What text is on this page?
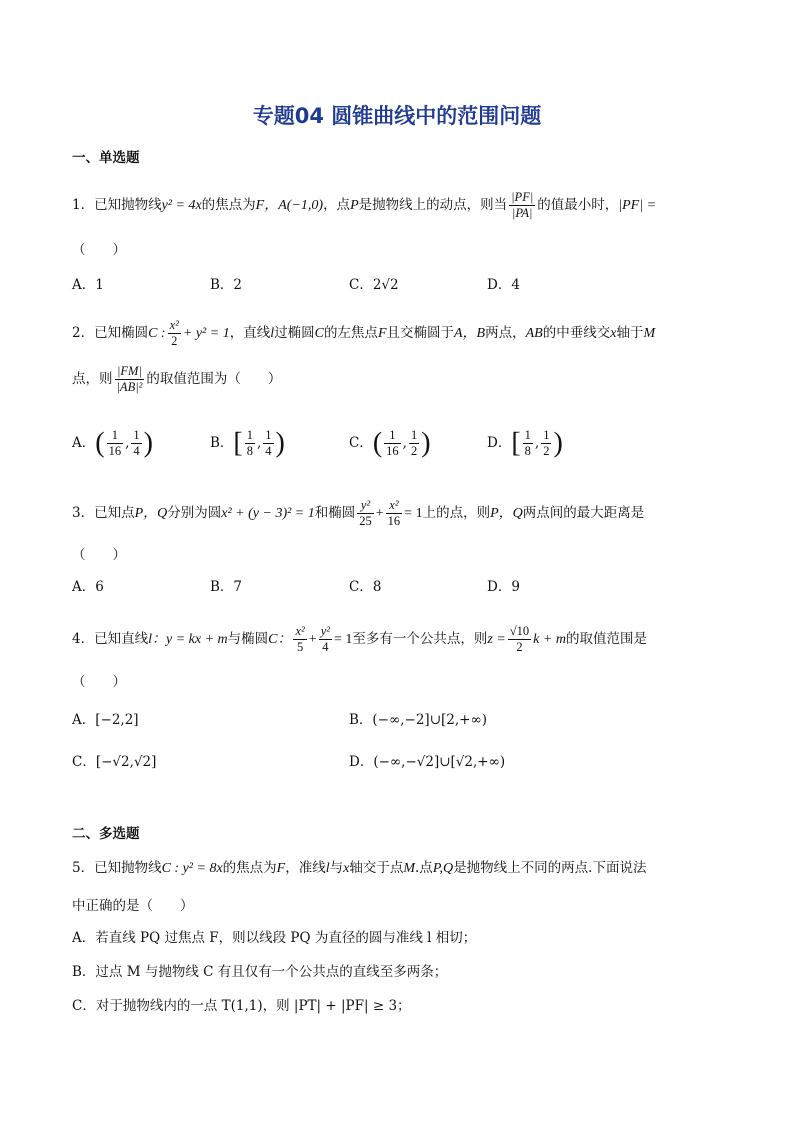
专题04 圆锥曲线中的范围问题
一、单选题
1．已知抛物线y² = 4x的焦点为F，A(−1,0)，点P是抛物线上的动点，则当 $\frac{|PF|}{|PA|}$ 的值最小时，|PF| =
（　　）
A．1	B．2	C．2√2	D．4
2．已知椭圆C : $\frac{\text{x²}}{2} + y^2 = 1$，直线l过椭圆C的左焦点F且交椭圆于A，B两点，AB的中垂线交x轴于M
点，则 $\frac{|FM|}{\text{|AB|²}}$ 的取值范围为（　　）
A．( $\frac{1}{16}$ , $\frac{1}{4}$ )	B．[ $\frac{1}{8}$ , $\frac{1}{4}$ )	C．( $\frac{1}{16}$ , $\frac{1}{2}$ )	D．[ $\frac{1}{8}$ , $\frac{1}{2}$ )
3．已知点P，Q分别为圆x² + (y − 3)² = 1和椭圆 $\frac{\text{y²}}{25} + \frac{\text{x²}}{16} = 1$上的点，则P，Q两点间的最大距离是
（　　）
A．6	B．7	C．8	D．9
4．已知直线l：y = kx + m与椭圆C： $\frac{\text{x²}}{5} + \frac{\text{y²}}{4} = 1$至多有一个公共点，则$z = \frac{√10}{2}$ k + m的取值范围是
（　　）
A．[−2,2]	B．(−∞,−2]∪[2,+∞)
C．[−√2,√2]	D．(−∞,−√2]∪[√2,+∞)
二、多选题
5．已知抛物线C : y² = 8x的焦点为F，准线l与x轴交于点M.点P,Q是抛物线上不同的两点.下面说法
中正确的是（　　）
A．若直线 PQ 过焦点 F，则以线段 PQ 为直径的圆与准线 l 相切；
B．过点 M 与抛物线 C 有且仅有一个公共点的直线至多两条；
C．对于抛物线内的一点 T(1,1)，则 |PT| + |PF| ≥ 3；
